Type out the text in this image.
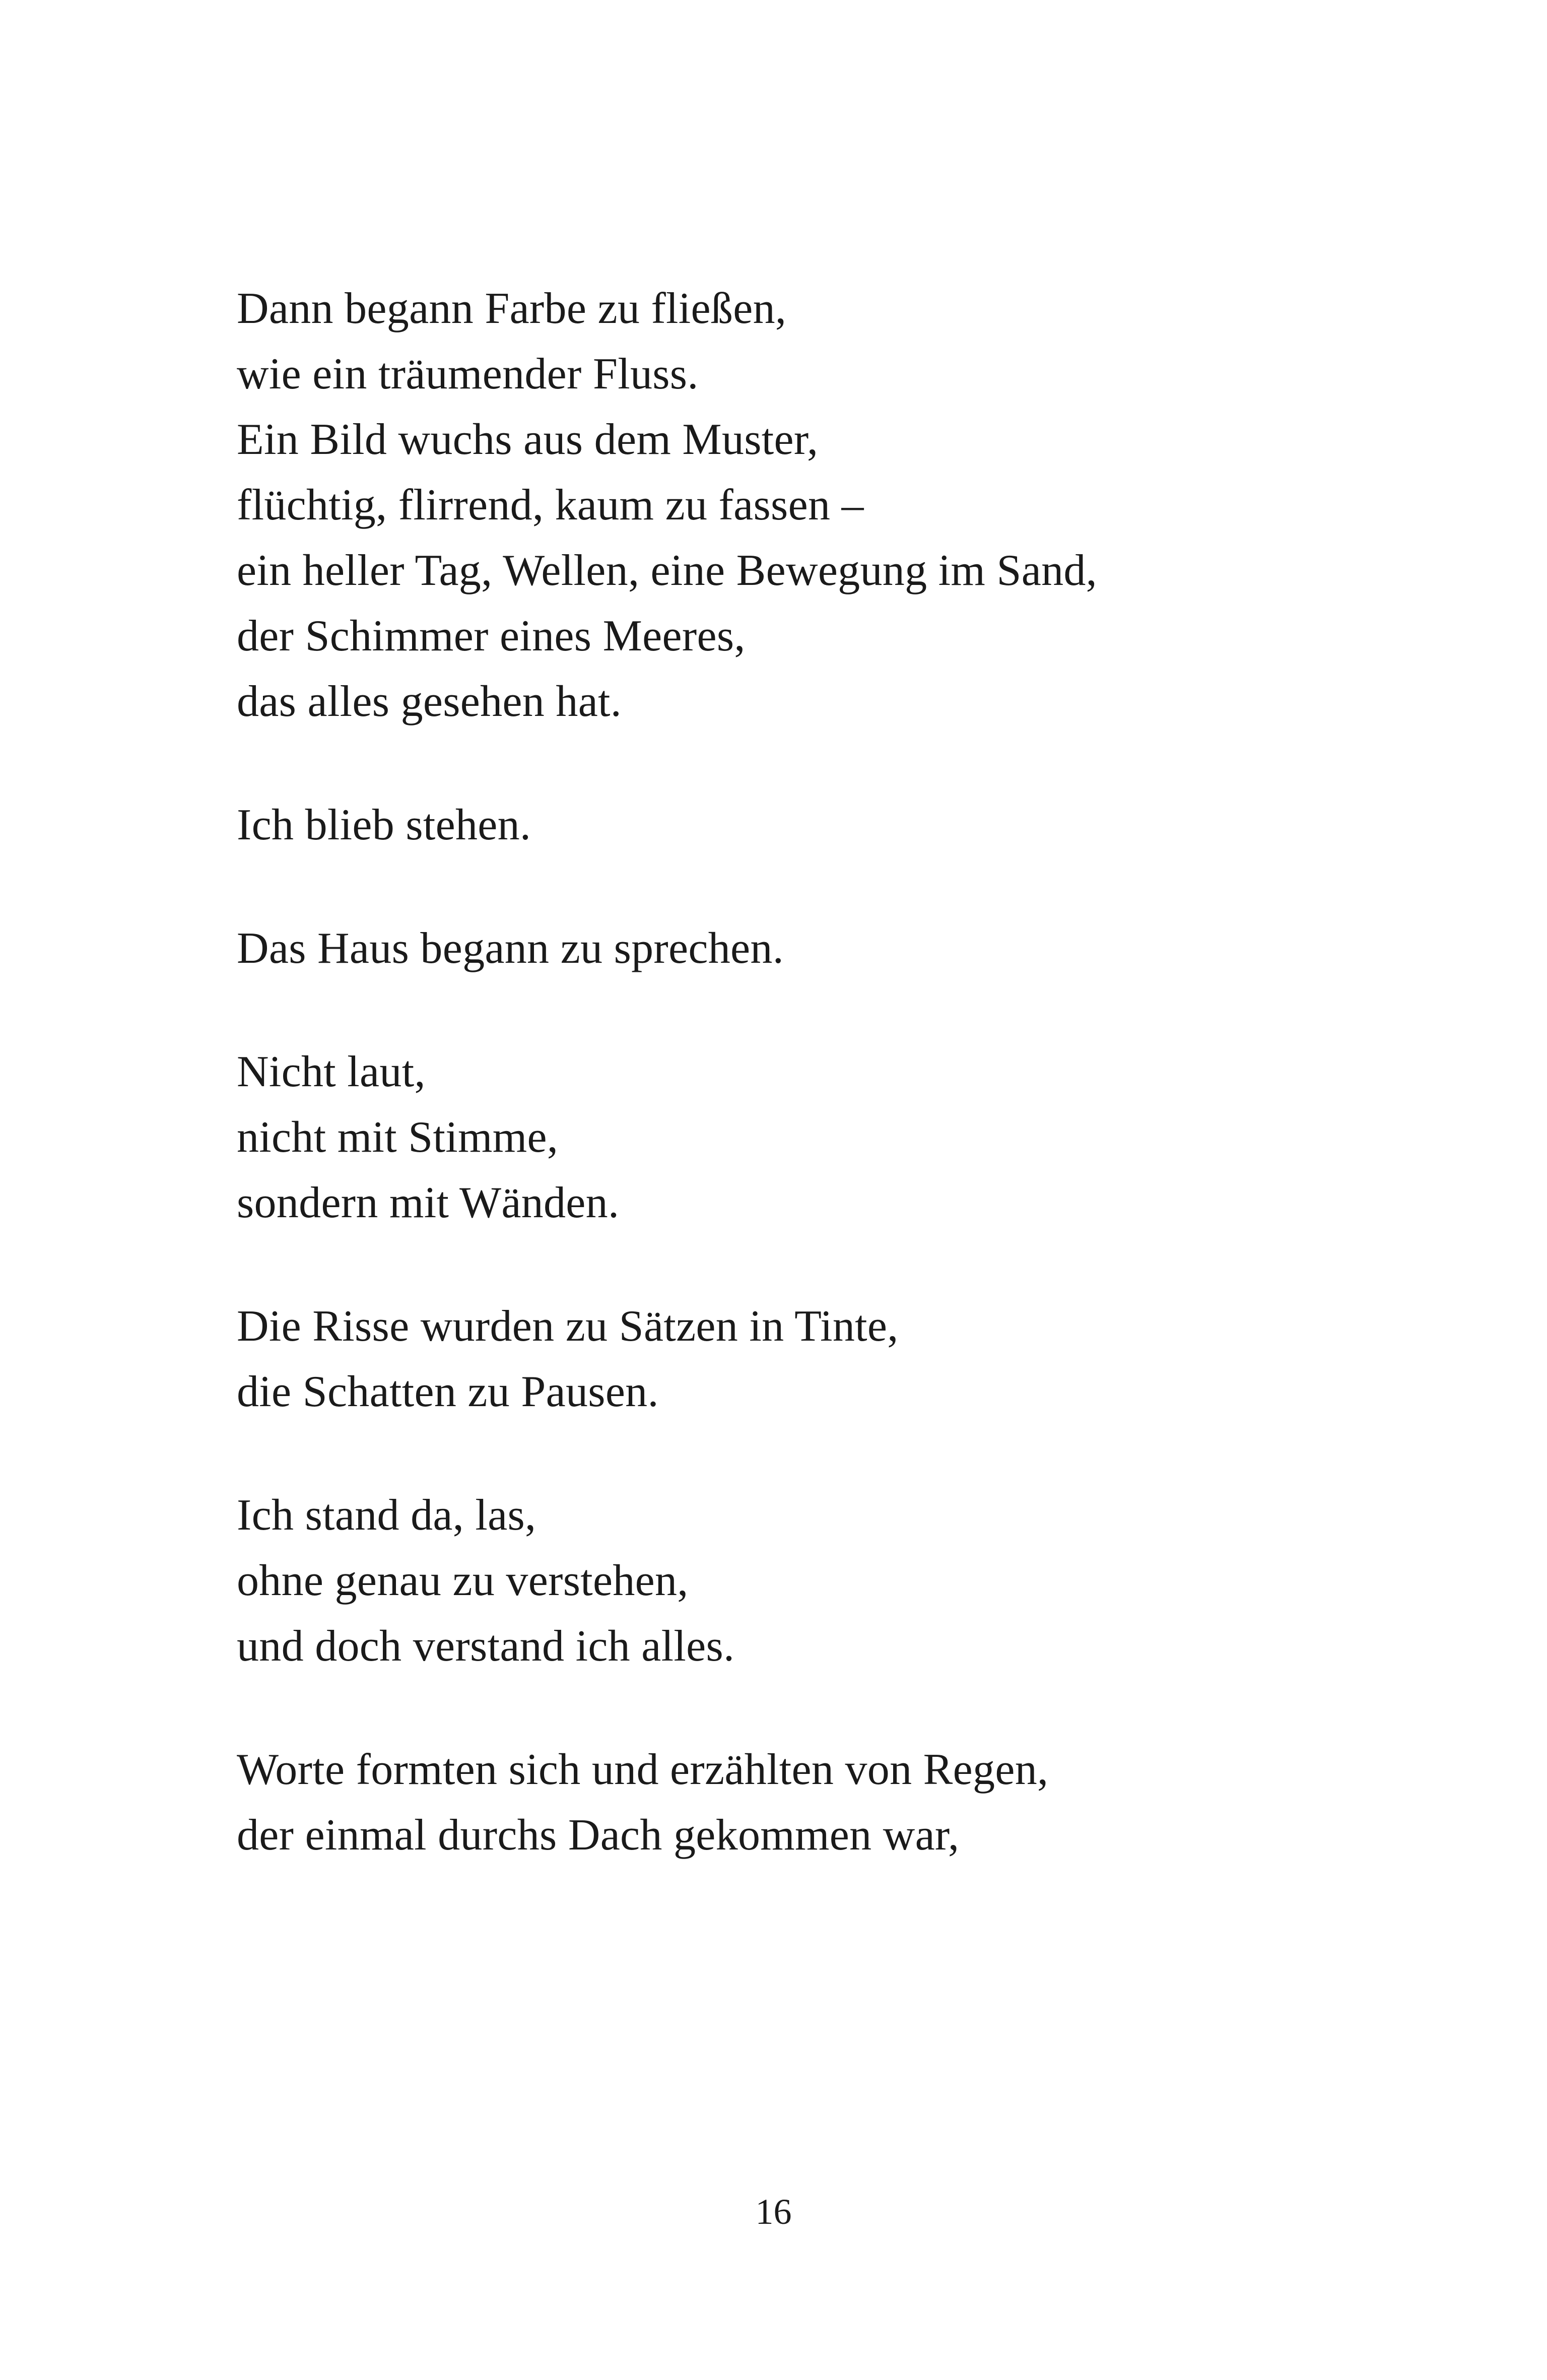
Dann begann Farbe zu fließen,
wie ein träumender Fluss.
Ein Bild wuchs aus dem Muster,
flüchtig, flirrend, kaum zu fassen –
ein heller Tag, Wellen, eine Bewegung im Sand,
der Schimmer eines Meeres,
das alles gesehen hat.
Ich blieb stehen.
Das Haus begann zu sprechen.
Nicht laut,
nicht mit Stimme,
sondern mit Wänden.
Die Risse wurden zu Sätzen in Tinte,
die Schatten zu Pausen.
Ich stand da, las,
ohne genau zu verstehen,
und doch verstand ich alles.
Worte formten sich und erzählten von Regen,
der einmal durchs Dach gekommen war,
16
